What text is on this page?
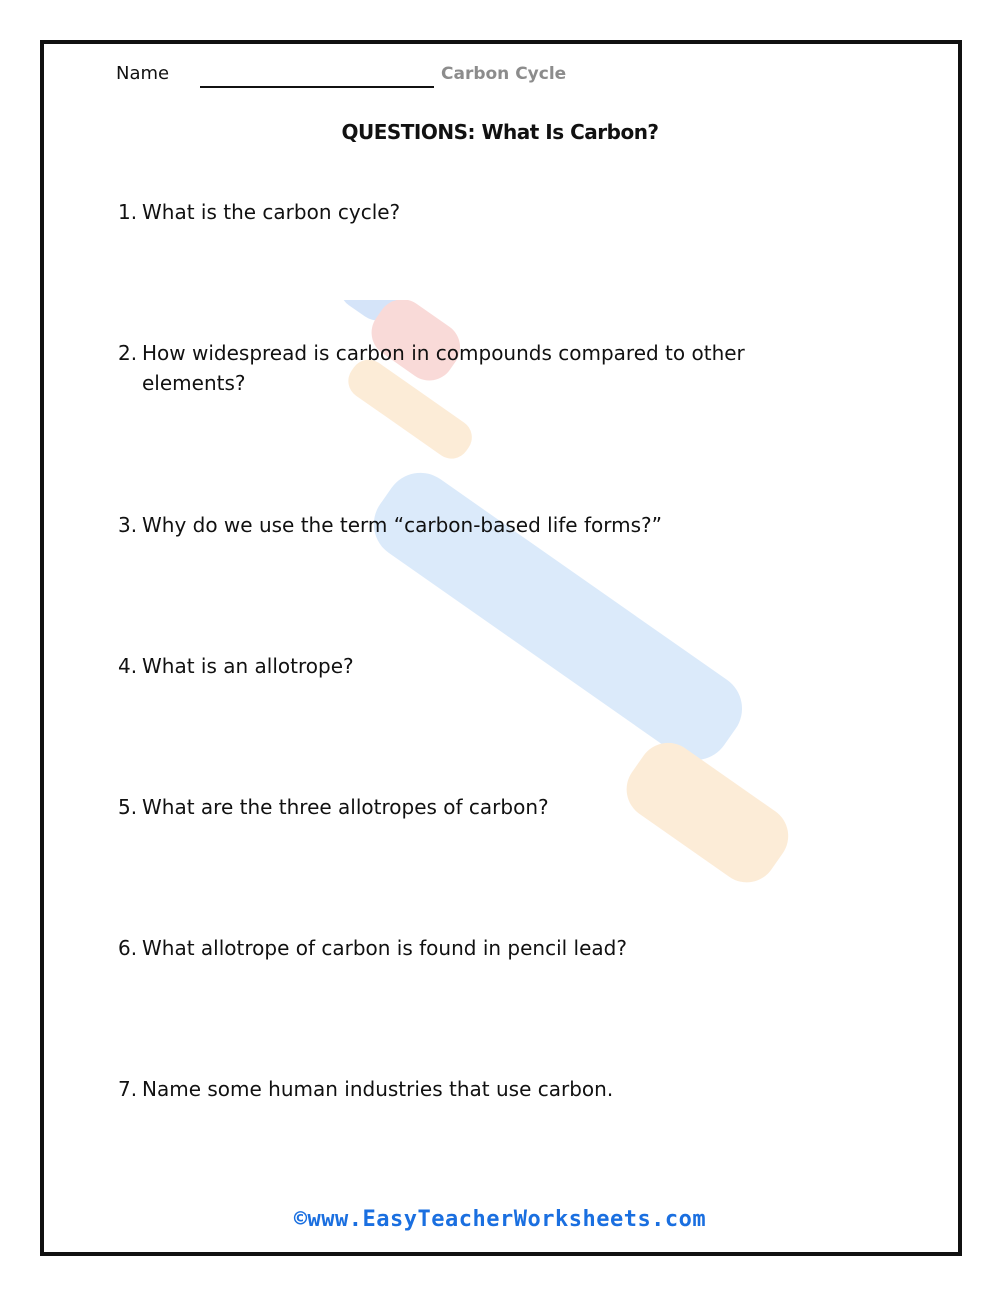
Name	Carbon Cycle
QUESTIONS: What Is Carbon?
1. What is the carbon cycle?
2. How widespread is carbon in compounds compared to other elements?
3. Why do we use the term “carbon-based life forms?”
4. What is an allotrope?
5. What are the three allotropes of carbon?
6. What allotrope of carbon is found in pencil lead?
7. Name some human industries that use carbon.
©www.EasyTeacherWorksheets.com
